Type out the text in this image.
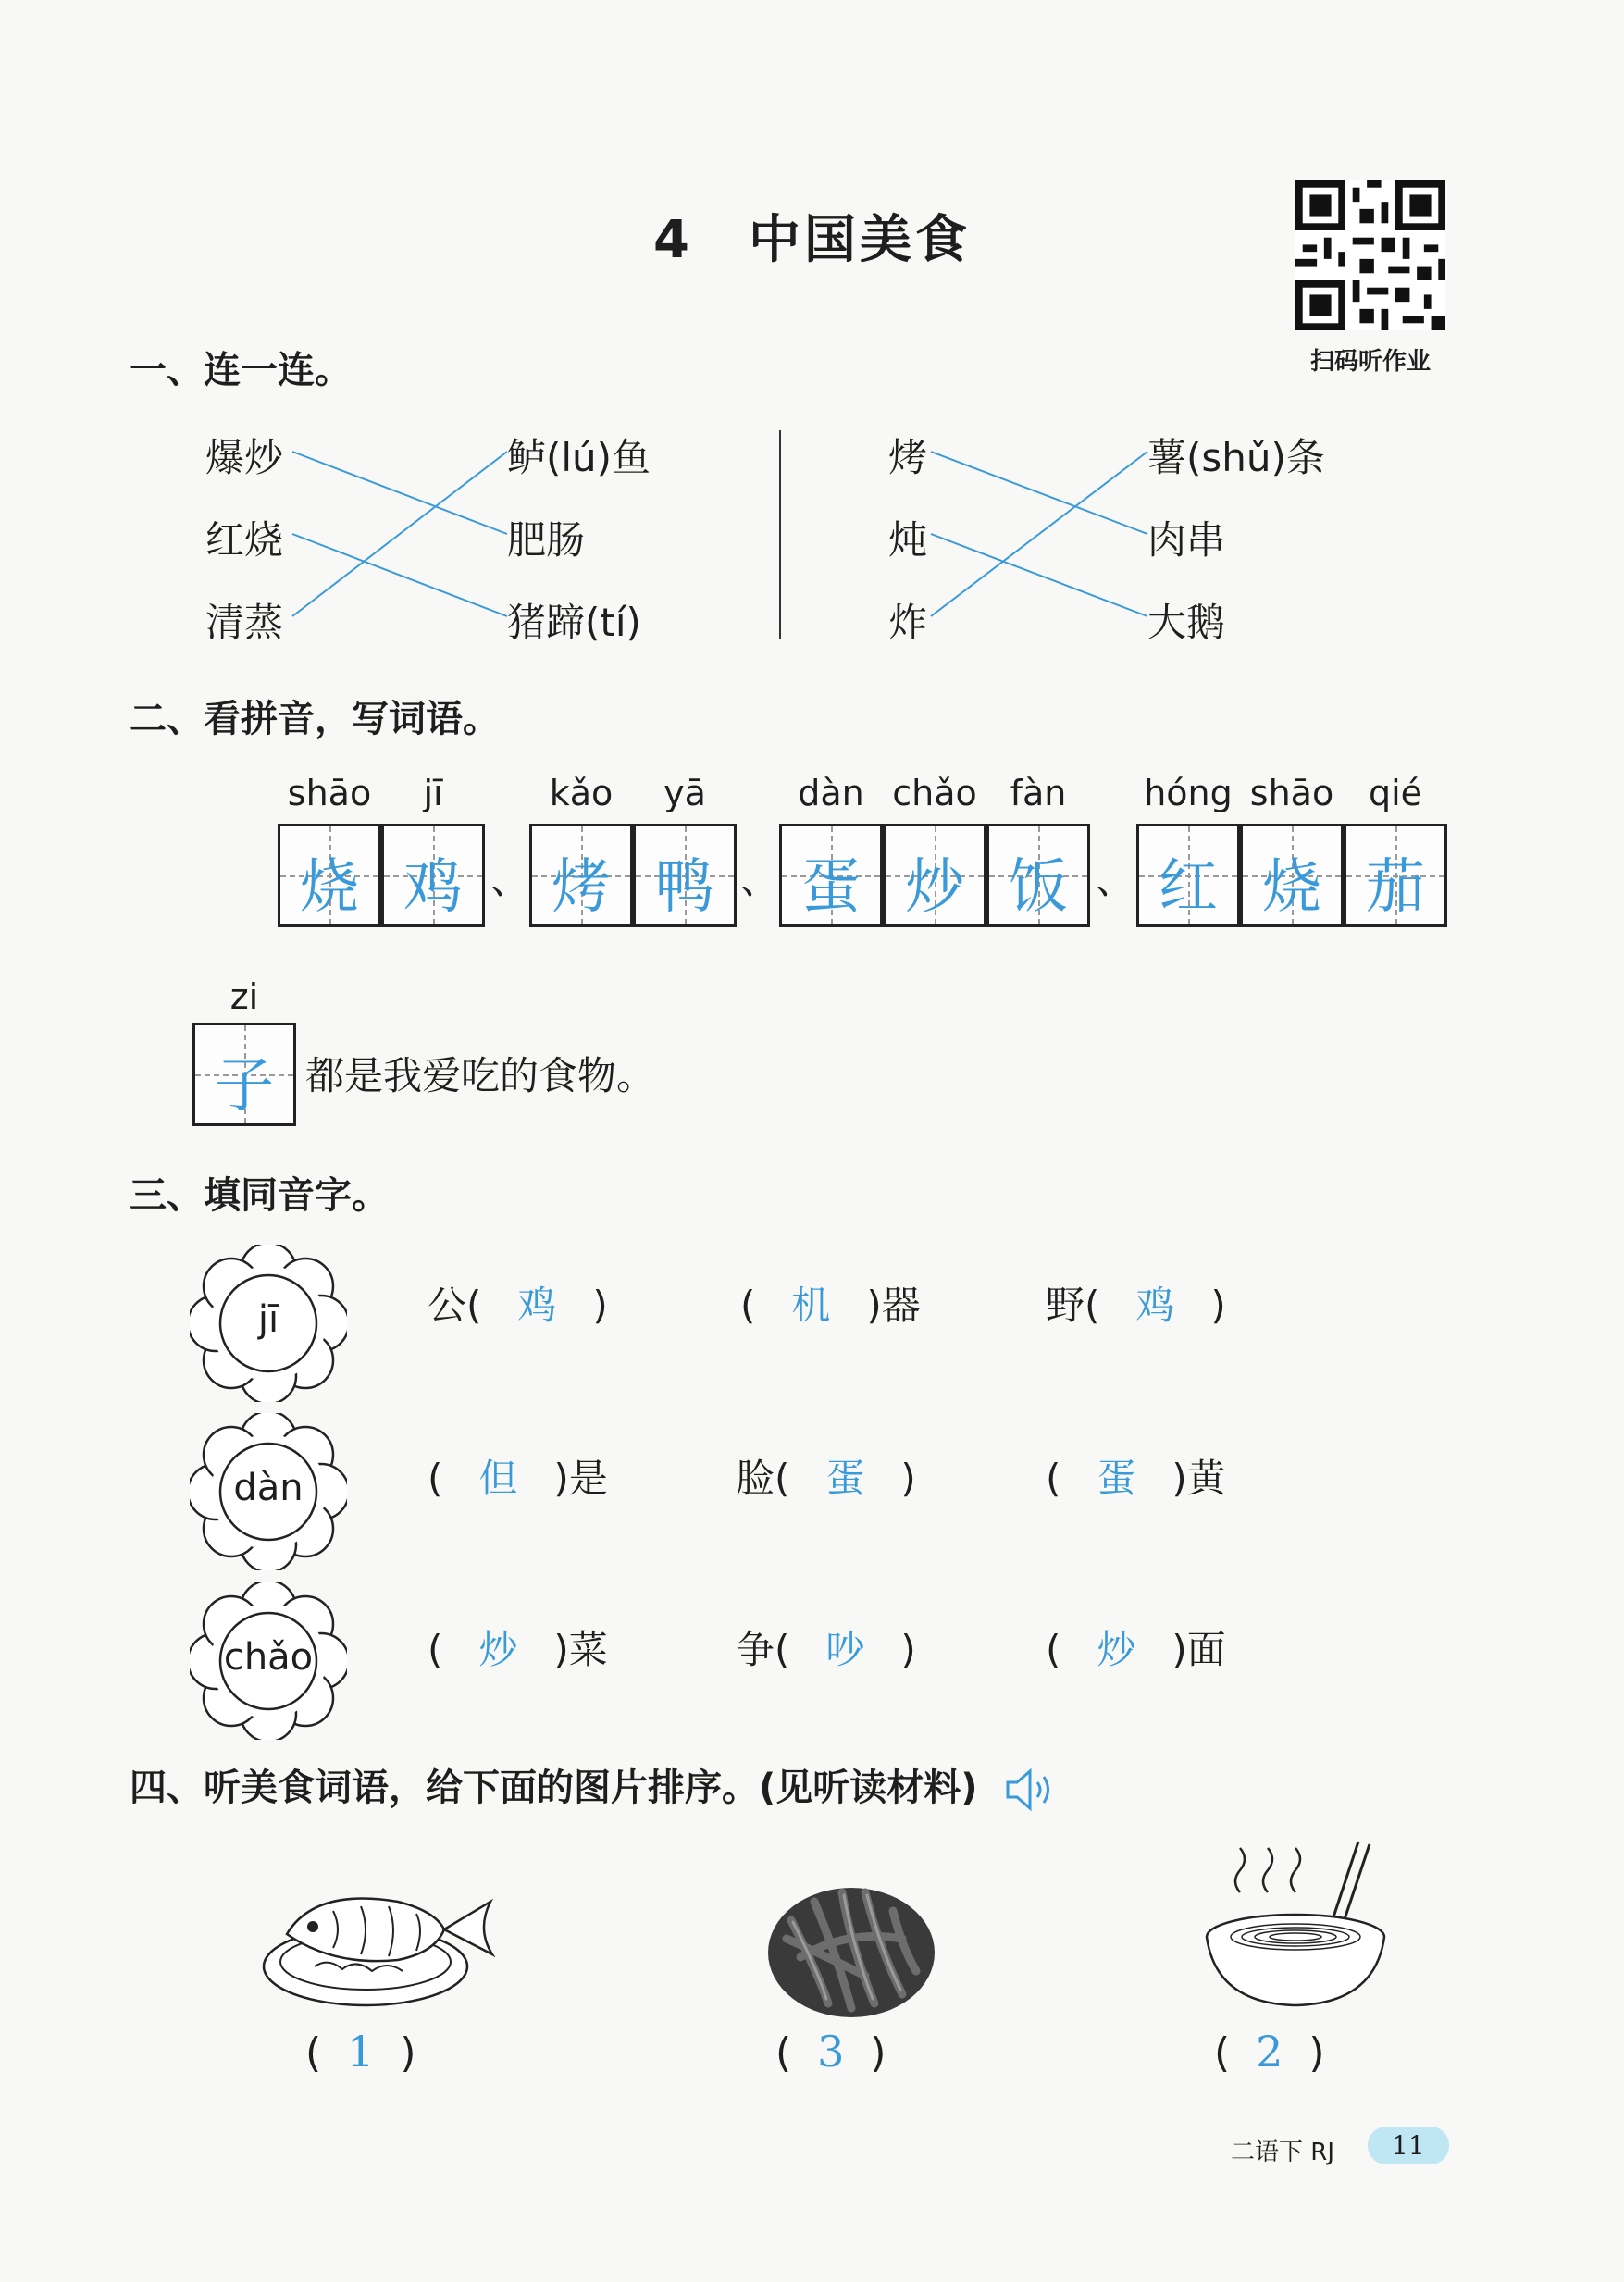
4 中国美食
扫码听作业
一、连一连。
爆炒
红烧
清蒸
鲈(lú)鱼
肥肠
猪蹄(tí)
烤
炖
炸
薯(shǔ)条
肉串
大鹅
二、看拼音，写词语。
shāo	jī
烧 鸡 、
kǎo	yā
烤 鸭 、
dàn chǎo fàn
蛋 炒 饭 、
hóng shāo qié
红 烧 茄
zi
子 都是我爱吃的食物。
三、填同音字。
jī
dàn
chǎo
公( 鸡 )	( 机 )器	野( 鸡 )
( 但 )是	脸( 蛋 )	( 蛋 )黄
( 炒 )菜	争( 吵 )	( 炒 )面
四、听美食词语，给下面的图片排序。(见听读材料)
(  1  )	(  3  )	(  2  )
二语下 RJ	11
